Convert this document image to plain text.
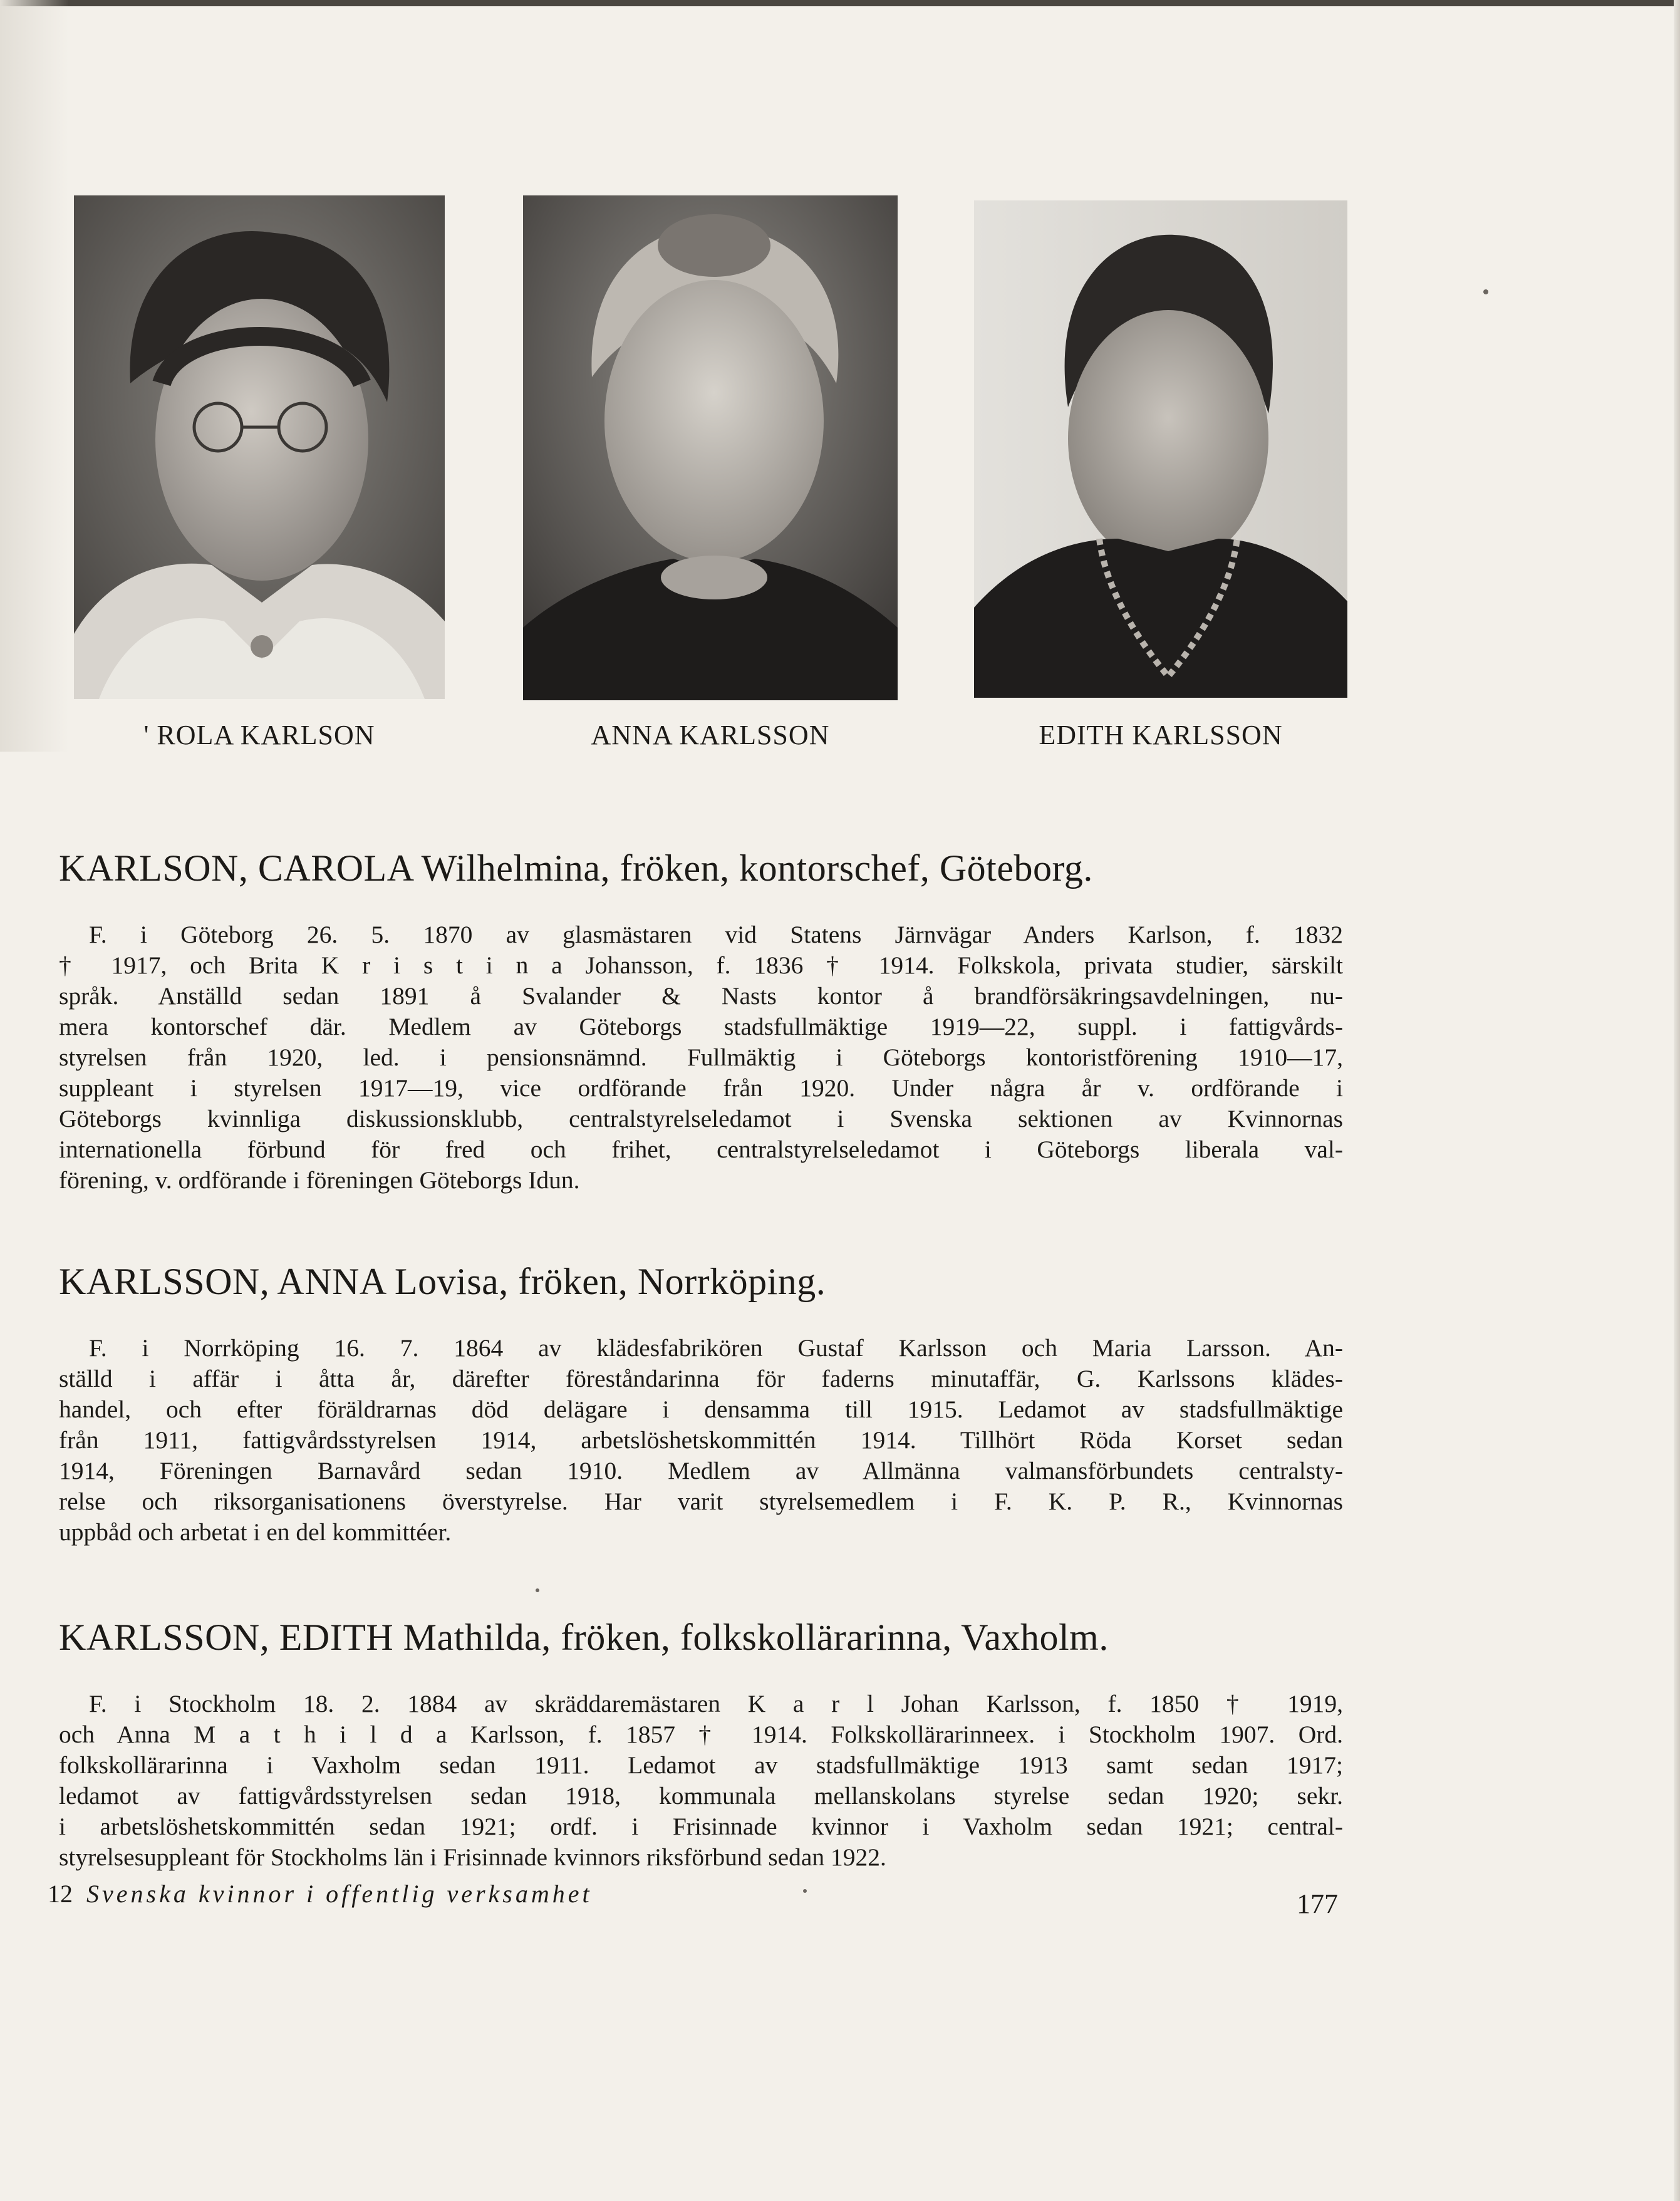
' ROLA KARLSON	ANNA KARLSSON	EDITH KARLSSON
KARLSON, CAROLA Wilhelmina, fröken, kontorschef, Göteborg.

F. i Göteborg 26. 5. 1870 av glasmästaren vid Statens Järnvägar Anders Karlson, f. 1832
† 1917, och Brita K r i s t i n a Johansson, f. 1836 † 1914. Folkskola, privata studier, särskilt
språk. Anställd sedan 1891 å Svalander & Nasts kontor å brandförsäkringsavdelningen, nu-
mera kontorschef där. Medlem av Göteborgs stadsfullmäktige 1919—22, suppl. i fattigvårds-
styrelsen från 1920, led. i pensionsnämnd. Fullmäktig i Göteborgs kontoristförening 1910—17,
suppleant i styrelsen 1917—19, vice ordförande från 1920. Under några år v. ordförande i
Göteborgs kvinnliga diskussionsklubb, centralstyrelseledamot i Svenska sektionen av Kvinnornas
internationella förbund för fred och frihet, centralstyrelseledamot i Göteborgs liberala val-
förening, v. ordförande i föreningen Göteborgs Idun.

KARLSSON, ANNA Lovisa, fröken, Norrköping.

F. i Norrköping 16. 7. 1864 av klädesfabrikören Gustaf Karlsson och Maria Larsson. An-
ställd i affär i åtta år, därefter föreståndarinna för faderns minutaffär, G. Karlssons klädes-
handel, och efter föräldrarnas död delägare i densamma till 1915. Ledamot av stadsfullmäktige
från 1911, fattigvårdsstyrelsen 1914, arbetslöshetskommittén 1914. Tillhört Röda Korset sedan
1914, Föreningen Barnavård sedan 1910. Medlem av Allmänna valmansförbundets centralsty-
relse och riksorganisationens överstyrelse. Har varit styrelsemedlem i F. K. P. R., Kvinnornas
uppbåd och arbetat i en del kommittéer.

KARLSSON, EDITH Mathilda, fröken, folkskollärarinna, Vaxholm.

F. i Stockholm 18. 2. 1884 av skräddaremästaren K a r l Johan Karlsson, f. 1850 † 1919,
och Anna M a t h i l d a Karlsson, f. 1857 † 1914. Folkskollärarinneex. i Stockholm 1907. Ord.
folkskollärarinna i Vaxholm sedan 1911. Ledamot av stadsfullmäktige 1913 samt sedan 1917;
ledamot av fattigvårdsstyrelsen sedan 1918, kommunala mellanskolans styrelse sedan 1920; sekr.
i arbetslöshetskommittén sedan 1921; ordf. i Frisinnade kvinnor i Vaxholm sedan 1921; central-
styrelsesuppleant för Stockholms län i Frisinnade kvinnors riksförbund sedan 1922.

12 Svenska kvinnor i offentlig verksamhet	177
